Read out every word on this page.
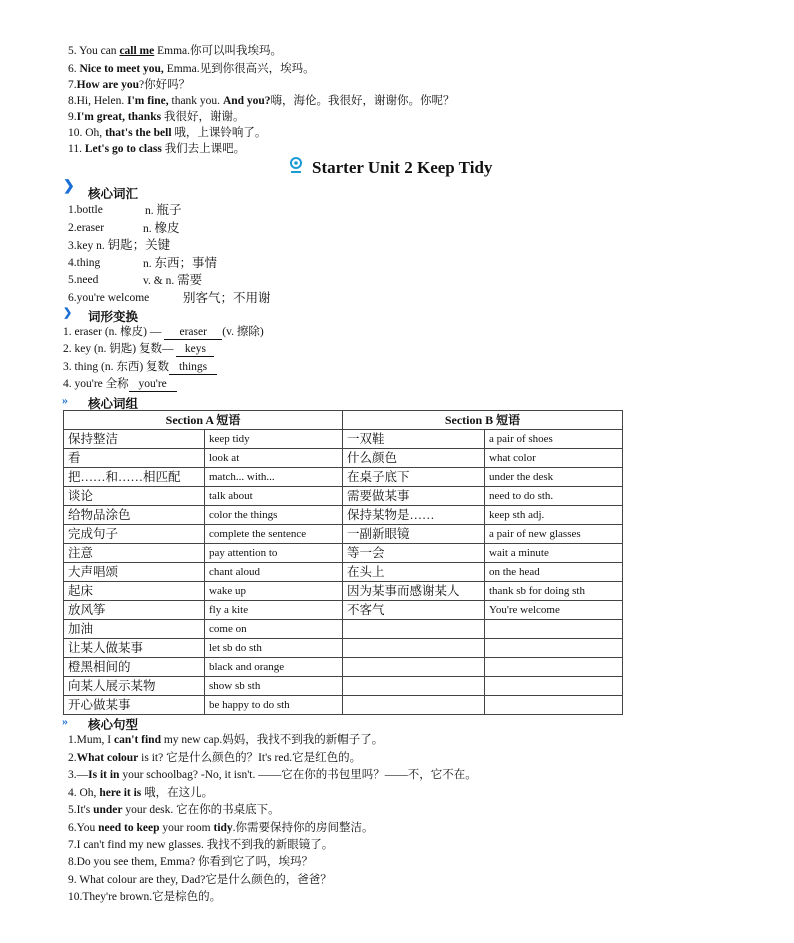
5. You can call me Emma.你可以叫我埃玛。
6. Nice to meet you, Emma.见到你很高兴，埃玛。
7.How are you?你好吗？
8.Hi, Helen. I'm fine, thank you. And you?嗨，海伦。我很好，谢谢你。你呢？
9.I'm great, thanks 我很好，谢谢。
10. Oh, that's the bell 哦，上课铃响了。
11. Let's go to class 我们去上课吧。
Starter Unit 2 Keep Tidy
❯ 核心词汇
1.bottle	n. 瓶子
2.eraser	n. 橡皮
3.key n. 钥匙；关键
4.thing	n. 东西；事情
5.need	v. & n. 需要
6.you're welcome	别客气；不用谢
❯ 词形变换
1. eraser (n. 橡皮) — eraser (v. 擦除)
2. key (n. 钥匙) 复数— keys
3. thing (n. 东西) 复数 things
4. you're 全称 you're
» 核心词组
Section A 短语		Section B 短语	
保持整洁	keep tidy	一双鞋	a pair of shoes
看	look at	什么颜色	what color
把……和……相匹配	match... with...	在桌子底下	under the desk
谈论	talk about	需要做某事	need to do sth.
给物品涂色	color the things	保持某物是……	keep sth adj.
完成句子	complete the sentence	一副新眼镜	a pair of new glasses
注意	pay attention to	等一会	wait a minute
大声唱颂	chant aloud	在头上	on the head
起床	wake up	因为某事而感谢某人	thank sb for doing sth
放风筝	fly a kite	不客气	You're welcome
加油	come on		
让某人做某事	let sb do sth		
橙黑相间的	black and orange		
向某人展示某物	show sb sth		
开心做某事	be happy to do sth		
» 核心句型
1.Mum, I can't find my new cap.妈妈，我找不到我的新帽子了。
2.What colour is it? 它是什么颜色的？It's red.它是红色的。
3.—Is it in your schoolbag? -No, it isn't. ——它在你的书包里吗？——不，它不在。
4. Oh, here it is 哦，在这儿。
5.It's under your desk. 它在你的书桌底下。
6.You need to keep your room tidy.你需要保持你的房间整洁。
7.I can't find my new glasses. 我找不到我的新眼镜了。
8.Do you see them, Emma? 你看到它了吗，埃玛？
9. What colour are they, Dad?它是什么颜色的，爸爸？
10.They're brown.它是棕色的。
